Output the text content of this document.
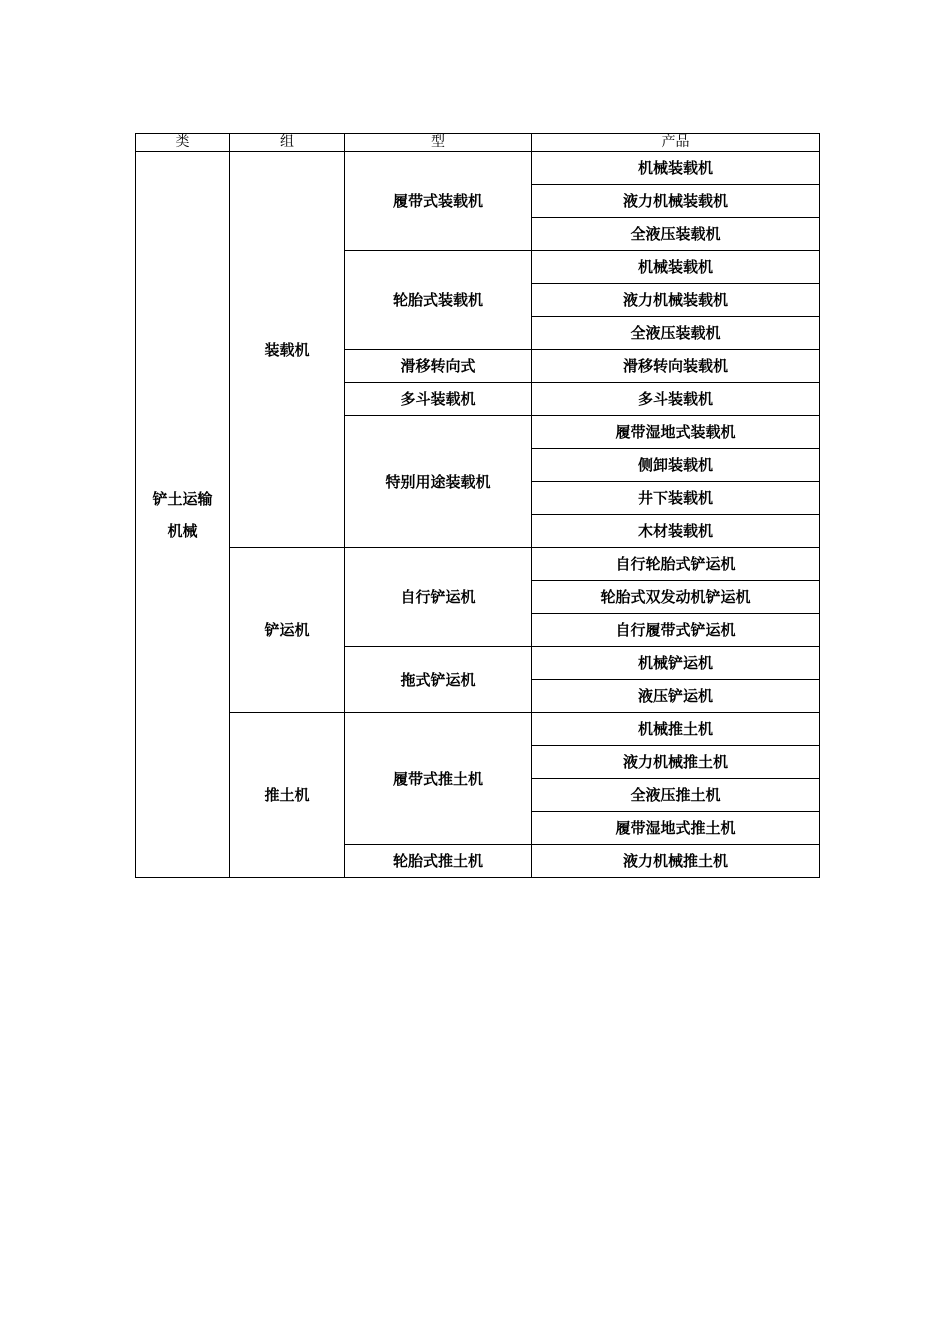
类	组	型	产品
铲土运输机械	装载机	履带式装载机	机械装载机
			液力机械装载机
			全液压装载机
		轮胎式装载机	机械装载机
			液力机械装载机
			全液压装载机
		滑移转向式	滑移转向装载机
		多斗装载机	多斗装载机
		特别用途装载机	履带湿地式装载机
			侧卸装载机
			井下装载机
			木材装载机
	铲运机	自行铲运机	自行轮胎式铲运机
			轮胎式双发动机铲运机
			自行履带式铲运机
		拖式铲运机	机械铲运机
			液压铲运机
	推土机	履带式推土机	机械推土机
			液力机械推土机
			全液压推土机
			履带湿地式推土机
		轮胎式推土机	液力机械推土机
